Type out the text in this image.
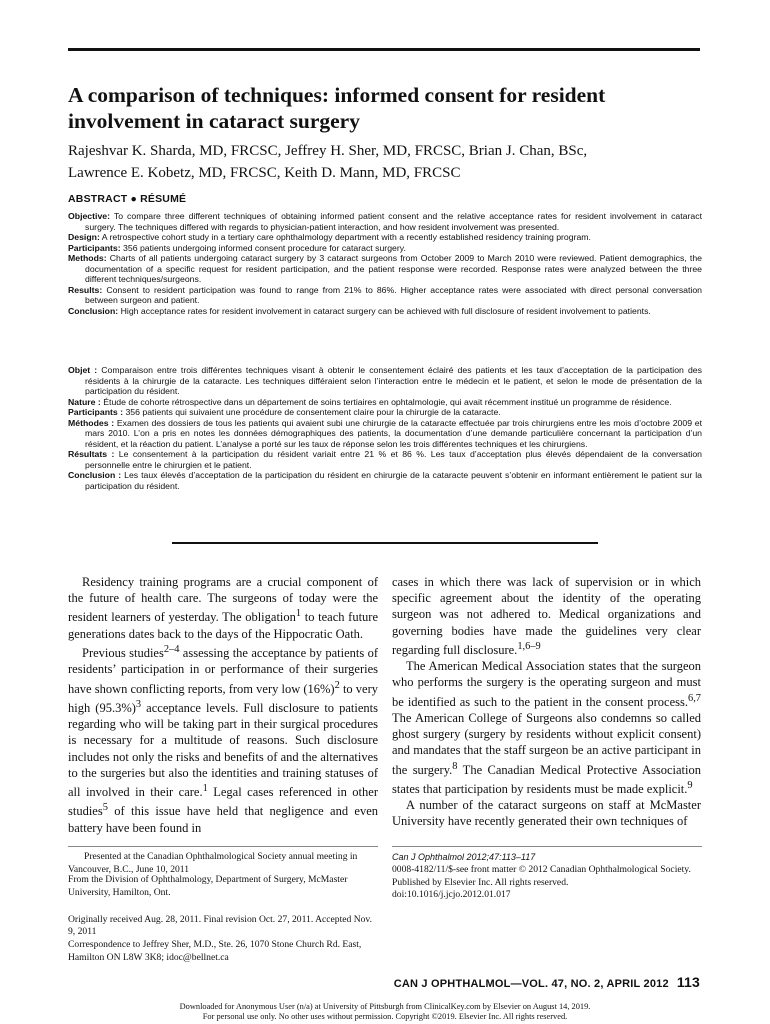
A comparison of techniques: informed consent for resident involvement in cataract surgery
Rajeshvar K. Sharda, MD, FRCSC, Jeffrey H. Sher, MD, FRCSC, Brian J. Chan, BSc,
Lawrence E. Kobetz, MD, FRCSC, Keith D. Mann, MD, FRCSC
ABSTRACT ● RÉSUMÉ

Objective: To compare three different techniques of obtaining informed patient consent and the relative acceptance rates for resident involvement in cataract surgery. The techniques differed with regards to physician-patient interaction, and how resident involvement was presented.

Design: A retrospective cohort study in a tertiary care ophthalmology department with a recently established residency training program.

Participants: 356 patients undergoing informed consent procedure for cataract surgery.

Methods: Charts of all patients undergoing cataract surgery by 3 cataract surgeons from October 2009 to March 2010 were reviewed. Patient demographics, the documentation of a specific request for resident participation, and the patient response were recorded. Response rates were analyzed between the three different techniques/surgeons.

Results: Consent to resident participation was found to range from 21% to 86%. Higher acceptance rates were associated with direct personal conversation between surgeon and patient.

Conclusion: High acceptance rates for resident involvement in cataract surgery can be achieved with full disclosure of resident involvement to patients.

Objet : Comparaison entre trois différentes techniques visant à obtenir le consentement éclairé des patients et les taux d’acceptation de la participation des résidents à la chirurgie de la cataracte. Les techniques différaient selon l’interaction entre le médecin et le patient, et selon le mode de présentation de la participation du résident.

Nature : Étude de cohorte rétrospective dans un département de soins tertiaires en ophtalmologie, qui avait récemment institué un programme de résidence.

Participants : 356 patients qui suivaient une procédure de consentement claire pour la chirurgie de la cataracte.

Méthodes : Examen des dossiers de tous les patients qui avaient subi une chirurgie de la cataracte effectuée par trois chirurgiens entre les mois d’octobre 2009 et mars 2010. L’on a pris en notes les données démographiques des patients, la documentation d’une demande particulière concernant la participation d’un résident, et la réaction du patient. L’analyse a porté sur les taux de réponse selon les trois différentes techniques et les chirurgiens.

Résultats : Le consentement à la participation du résident variait entre 21 % et 86 %. Les taux d’acceptation plus élevés dépendaient de la conversation personnelle entre le chirurgien et le patient.

Conclusion : Les taux élevés d’acceptation de la participation du résident en chirurgie de la cataracte peuvent s’obtenir en informant entièrement le patient sur la participation du résident.

Residency training programs are a crucial component of the future of health care. The surgeons of today were the resident learners of yesterday. The obligation$^1$ to teach future generations dates back to the days of the Hippocratic Oath.

Previous studies$^{2-4}$ assessing the acceptance by patients of residents’ participation in or performance of their surgeries have shown conflicting reports, from very low $(16\%)^2$ to very high $(95.3\%)^3$ acceptance levels. Full disclosure to patients regarding who will be taking part in their surgical procedures is necessary for a multitude of reasons. Such disclosure includes not only the risks and benefits of and the alternatives to the surgeries but also the identities and training statuses of all involved in their care.$^1$ Legal cases referenced in other studies$^5$ of this issue have held that negligence and even battery have been found in

cases in which there was lack of supervision or in which specific agreement about the identity of the operating surgeon was not adhered to. Medical organizations and governing bodies have made the guidelines very clear regarding full disclosure.$^{1,6-9}$

The American Medical Association states that the surgeon who performs the surgery is the operating surgeon and must be identified as such to the patient in the consent process.$^{6,7}$ The American College of Surgeons also condemns so called ghost surgery (surgery by residents without explicit consent) and mandates that the staff surgeon be an active participant in the surgery.$^8$ The Canadian Medical Protective Association states that participation by residents must be made explicit.$^9$

A number of the cataract surgeons on staff at McMaster University have recently generated their own techniques of

Presented at the Canadian Ophthalmological Society annual meeting in Vancouver, B.C., June 10, 2011

From the Division of Ophthalmology, Department of Surgery, McMaster University, Hamilton, Ont.

Originally received Aug. 28, 2011. Final revision Oct. 27, 2011. Accepted Nov. 9, 2011

Correspondence to Jeffrey Sher, M.D., Ste. 26, 1070 Stone Church Rd. East, Hamilton ON L8W 3K8; idoc@bellnet.ca

Can J Ophthalmol 2012;47:113–117

0008-4182/11/$-see front matter © 2012 Canadian Ophthalmological Society. Published by Elsevier Inc. All rights reserved.

doi:10.1016/j.jcjo.2012.01.017

CAN J OPHTHALMOL—VOL. 47, NO. 2, APRIL 2012 113
Downloaded for Anonymous User (n/a) at University of Pittsburgh from ClinicalKey.com by Elsevier on August 14, 2019.
For personal use only. No other uses without permission. Copyright ©2019. Elsevier Inc. All rights reserved.
